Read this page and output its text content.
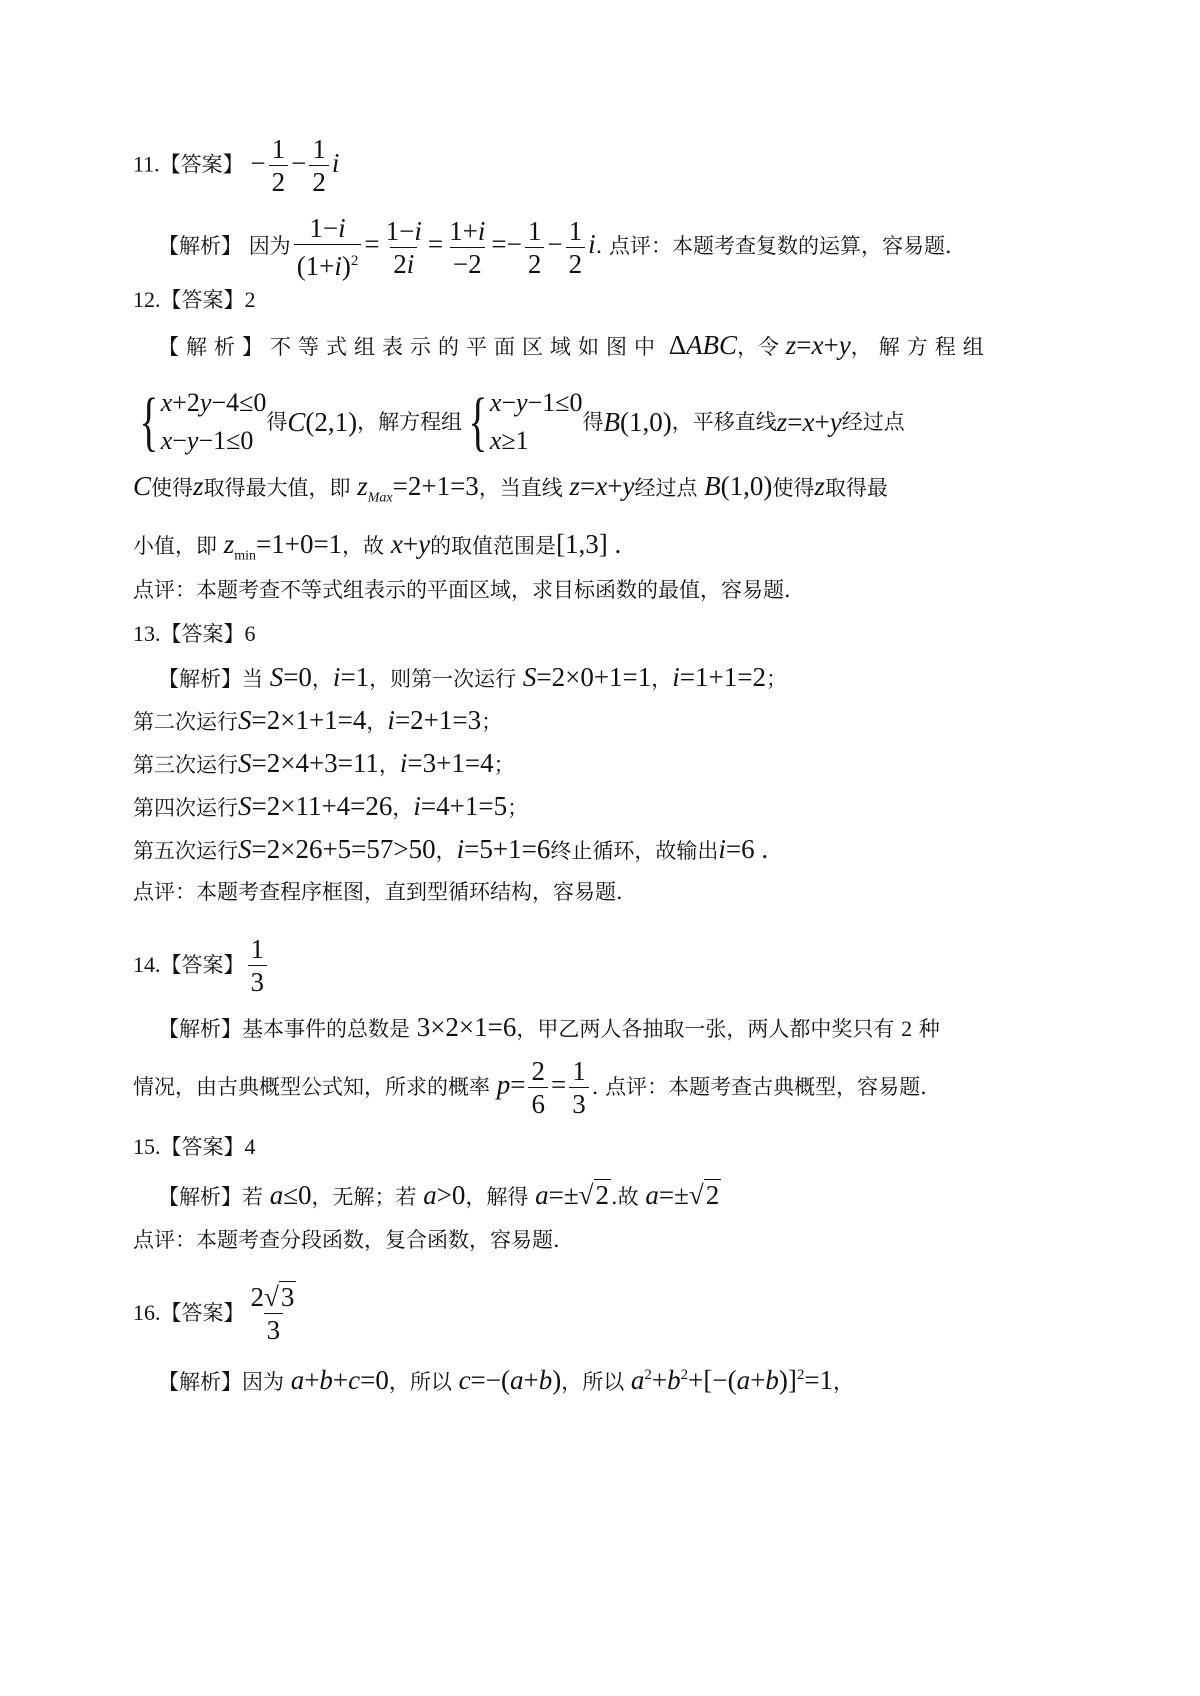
11.【答案】 − $\frac{1}{2} - \frac{1}{2}$ i
【解析】 因为 $\frac{1-i}{(1+i)^2} = \frac{1-i}{2i} = \frac{1+i}{-2} =- \frac{1}{2} - \frac{1}{2} i$. 点评：本题考查复数的运算，容易题.
12.【答案】2
【解析】不等式组表示的平面区域如图中 ΔABC，令 z=x+y，解方程组
{ x+2y−4≤0
x−y−1≤0
得 C(2,1) ，解方程组 { x−y−1≤0
x≥1
得 B(1,0) ，平移直线 z=x+y 经过点
C使得z取得最大值，即 $z_{Max}=2+1=3$，当直线 z=x+y经过点 B(1,0)使得z取得最
小值，即 $z_{min}=1+0=1$，故 x+y的取值范围是[1,3] .
点评：本题考查不等式组表示的平面区域，求目标函数的最值，容易题.
13.【答案】6
【解析】当 S=0，i=1，则第一次运行 S=2×0+1=1，i=1+1=2；
第二次运行S=2×1+1=4，i=2+1=3；
第三次运行S=2×4+3=11，i=3+1=4；
第四次运行S=2×11+4=26，i=4+1=5；
第五次运行S=2×26+5=57>50，i=5+1=6终止循环，故输出i=6 .
点评：本题考查程序框图，直到型循环结构，容易题.
14. 【答案】 $\frac{1}{3}$
【解析】基本事件的总数是 3×2×1=6，甲乙两人各抽取一张，两人都中奖只有 2 种
情况，由古典概型公式知，所求的概率 $p= \frac{2}{6} = \frac{1}{3}$ . 点评：本题考查古典概型，容易题.
15.【答案】4
【解析】若 a≤0，无解；若 a>0，解得 a=±√2.故 a=±√2
点评：本题考查分段函数，复合函数，容易题.
16. 【答案】 $\frac{2√3}{3}$
【解析】因为 a+b+c=0，所以 c=−(a+b)，所以 $a^2+b^2+[-(a+b)]^2=1$，
